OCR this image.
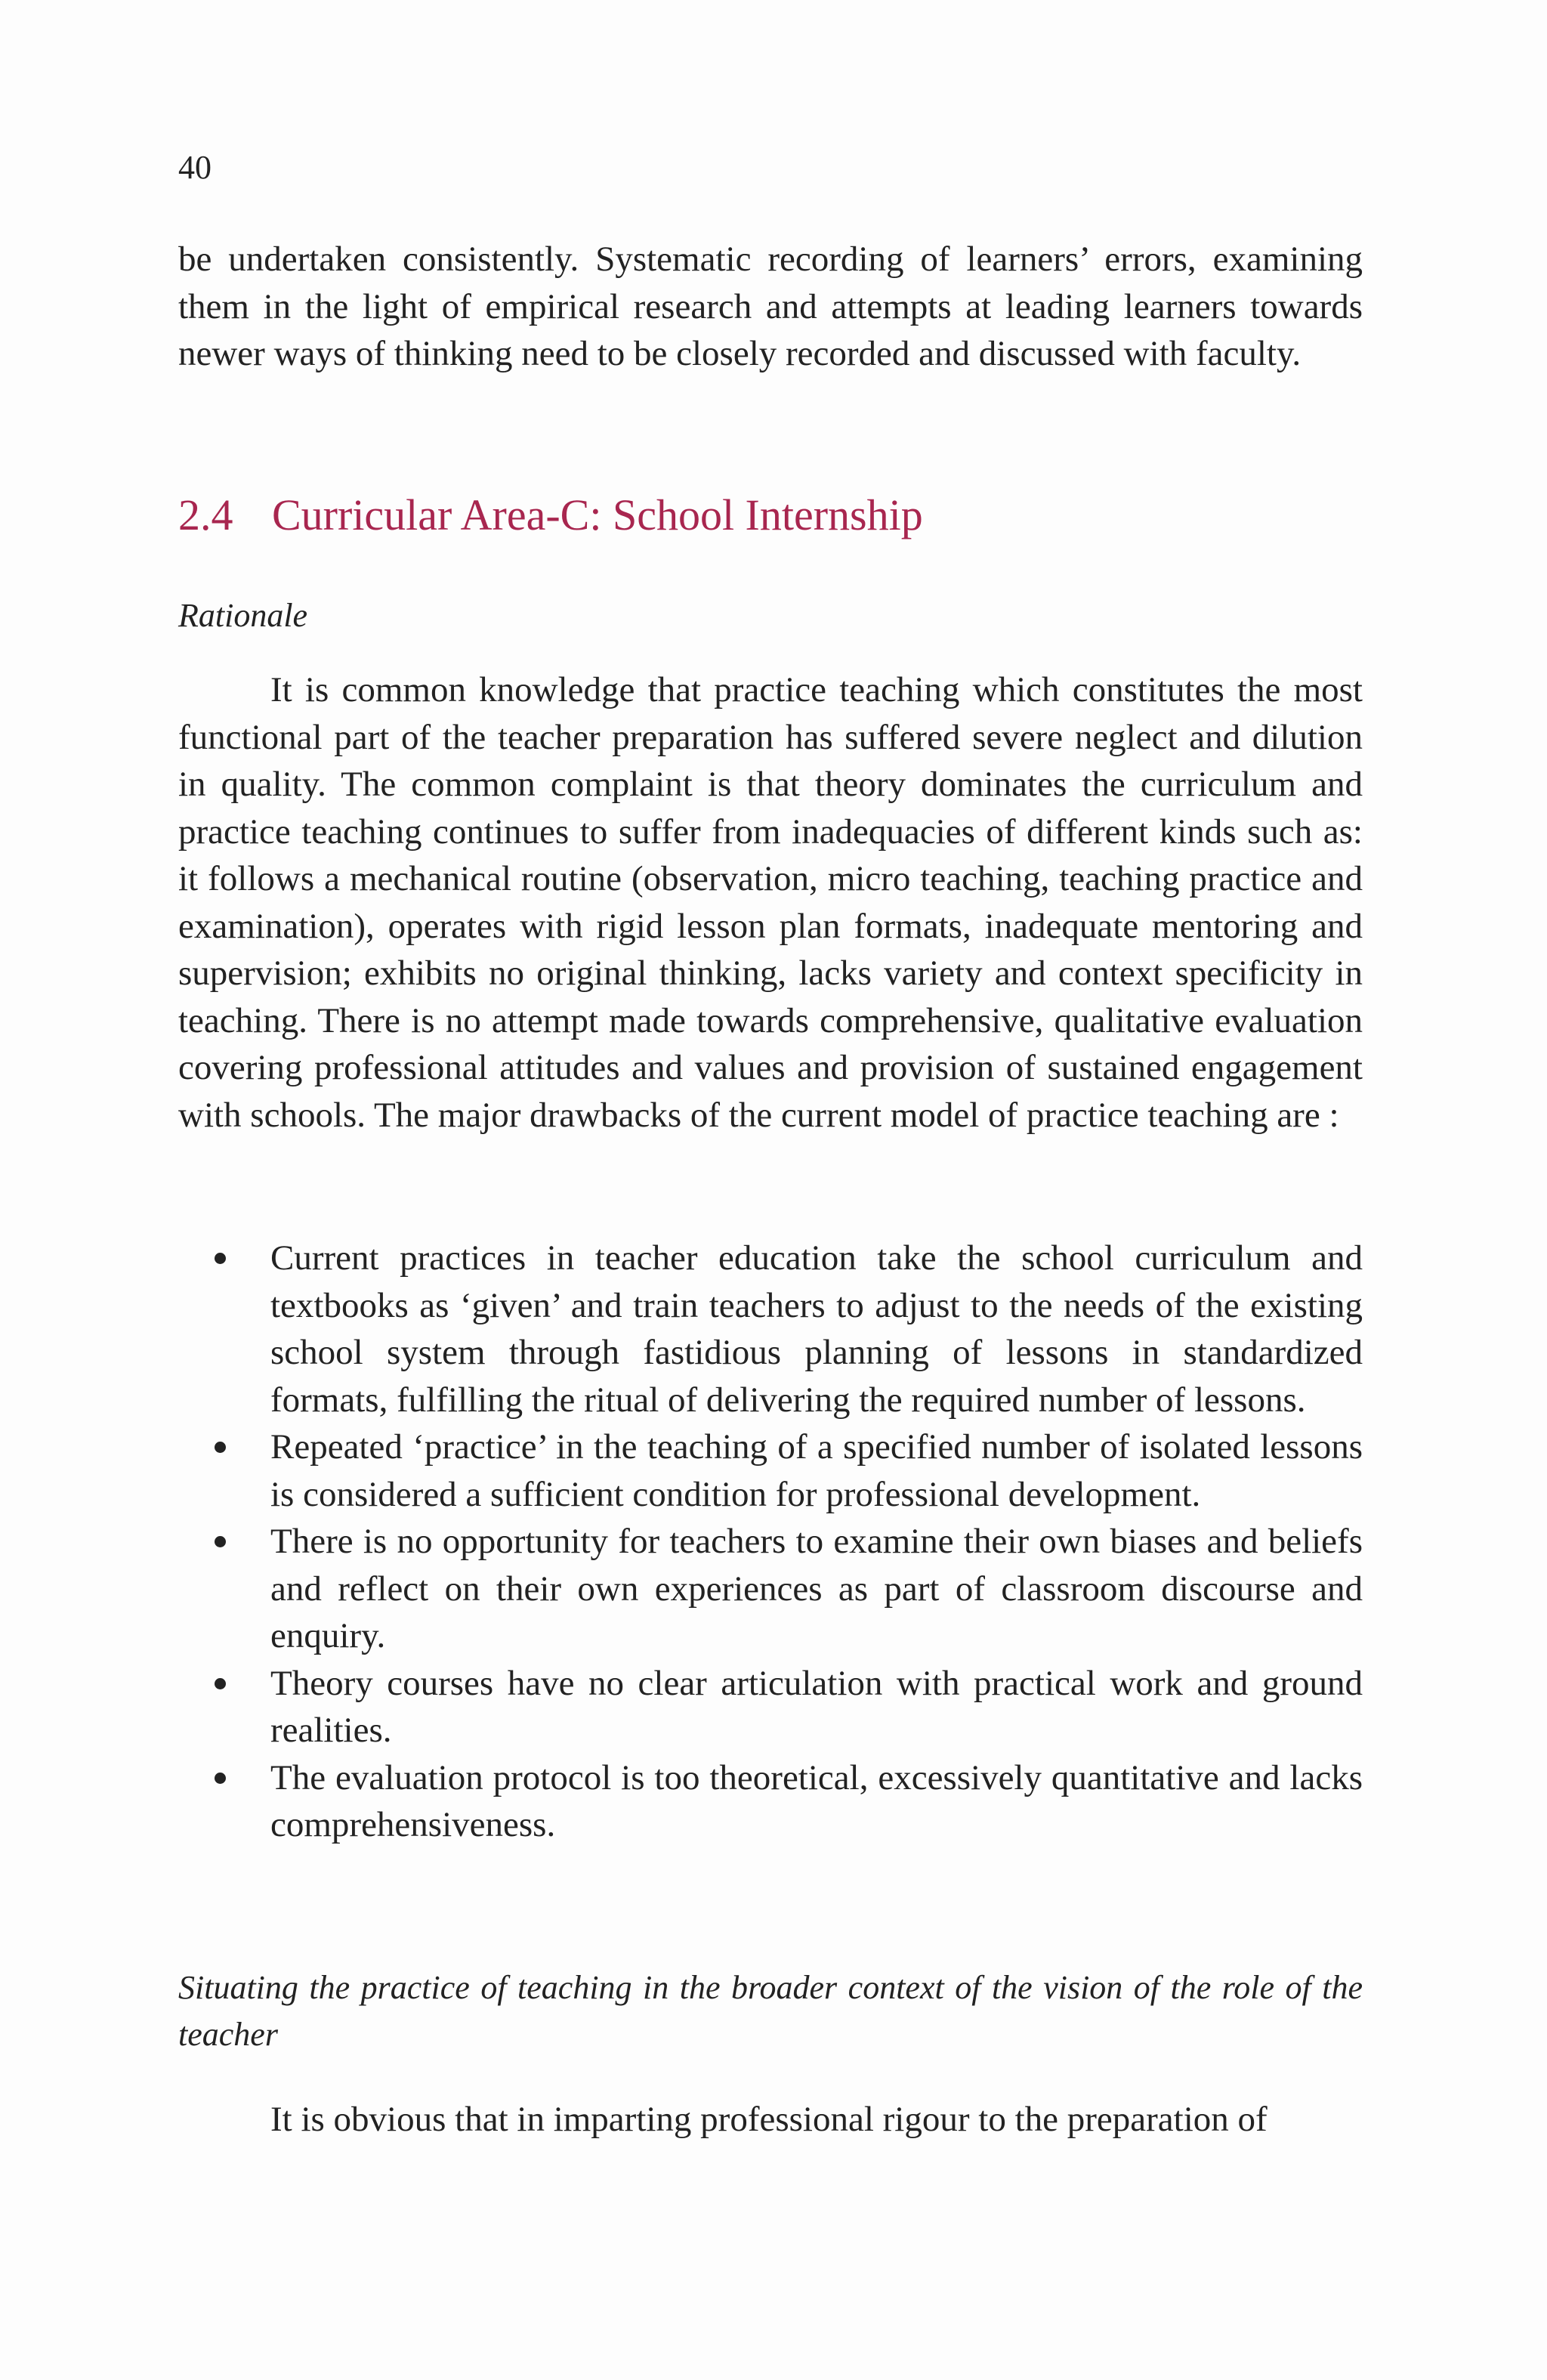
40

be undertaken consistently. Systematic recording of learners’ errors, examining them in the light of empirical research and attempts at leading learners towards newer ways of thinking need to be closely recorded and discussed with faculty.

2.4 Curricular Area-C: School Internship
Rationale

It is common knowledge that practice teaching which constitutes the most functional part of the teacher preparation has suffered severe neglect and dilution in quality. The common complaint is that theory dominates the curriculum and practice teaching continues to suffer from inadequacies of different kinds such as: it follows a mechanical routine (observation, micro teaching, teaching practice and examination), operates with rigid lesson plan formats, inadequate mentoring and supervision; exhibits no original thinking, lacks variety and context specificity in teaching. There is no attempt made towards comprehensive, qualitative evaluation covering professional attitudes and values and provision of sustained engagement with schools. The major drawbacks of the current model of practice teaching are :

Current practices in teacher education take the school curriculum and textbooks as ‘given’ and train teachers to adjust to the needs of the existing school system through fastidious planning of lessons in standardized formats, fulfilling the ritual of delivering the required number of lessons.
Repeated ‘practice’ in the teaching of a specified number of isolated lessons is considered a sufficient condition for professional development.
There is no opportunity for teachers to examine their own biases and beliefs and reflect on their own experiences as part of classroom discourse and enquiry.
Theory courses have no clear articulation with practical work and ground realities.
The evaluation protocol is too theoretical, excessively quantitative and lacks comprehensiveness.
Situating the practice of teaching in the broader context of the vision of the role of the teacher

It is obvious that in imparting professional rigour to the preparation of
